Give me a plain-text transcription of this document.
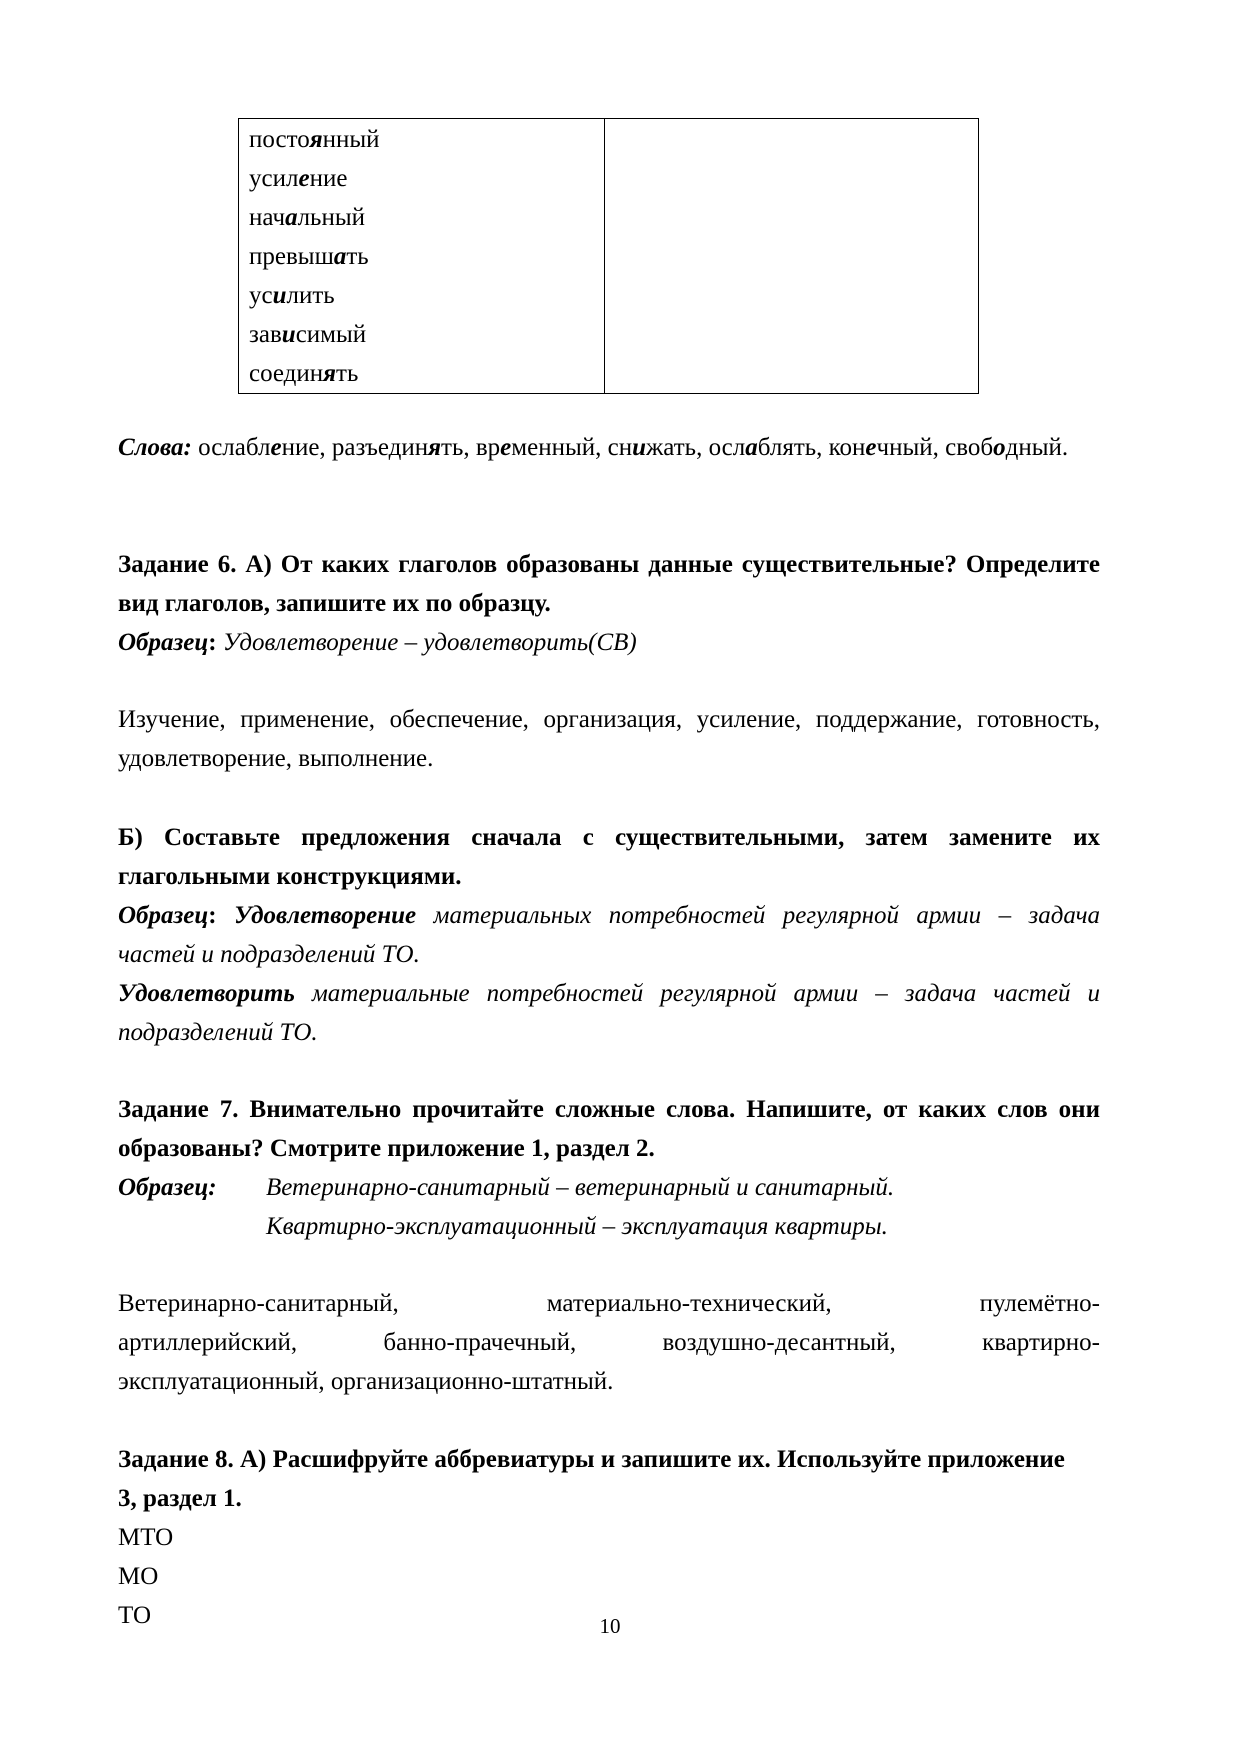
постоянный
усиление
начальный
превышать
усилить
зависимый
соединять

Слова: ослабление, разъединять, временный, снижать, ослаблять, конечный, свободный.
Задание 6. А) От каких глаголов образованы данные существительные? Определите вид глаголов, запишите их по образцу.
Образец: Удовлетворение – удовлетворить(СВ)
Изучение, применение, обеспечение, организация, усиление, поддержание, готовность, удовлетворение, выполнение.
Б) Составьте предложения сначала с существительными, затем замените их глагольными конструкциями.
Образец: Удовлетворение материальных потребностей регулярной армии – задача частей и подразделений ТО.
Удовлетворить материальные потребностей регулярной армии – задача частей и подразделений ТО.
Задание 7. Внимательно прочитайте сложные слова. Напишите, от каких слов они образованы? Смотрите приложение 1, раздел 2.
Образец:	Ветеринарно-санитарный – ветеринарный и санитарный.
Квартирно-эксплуатационный – эксплуатация квартиры.
Ветеринарно-санитарный,	материально-технический,	пулемётно-
артиллерийский,	банно-прачечный,	воздушно-десантный,	квартирно-
эксплуатационный, организационно-штатный.
Задание 8. А) Расшифруйте аббревиатуры и запишите их. Используйте приложение 3, раздел 1.
МТО
МО
ТО	10
